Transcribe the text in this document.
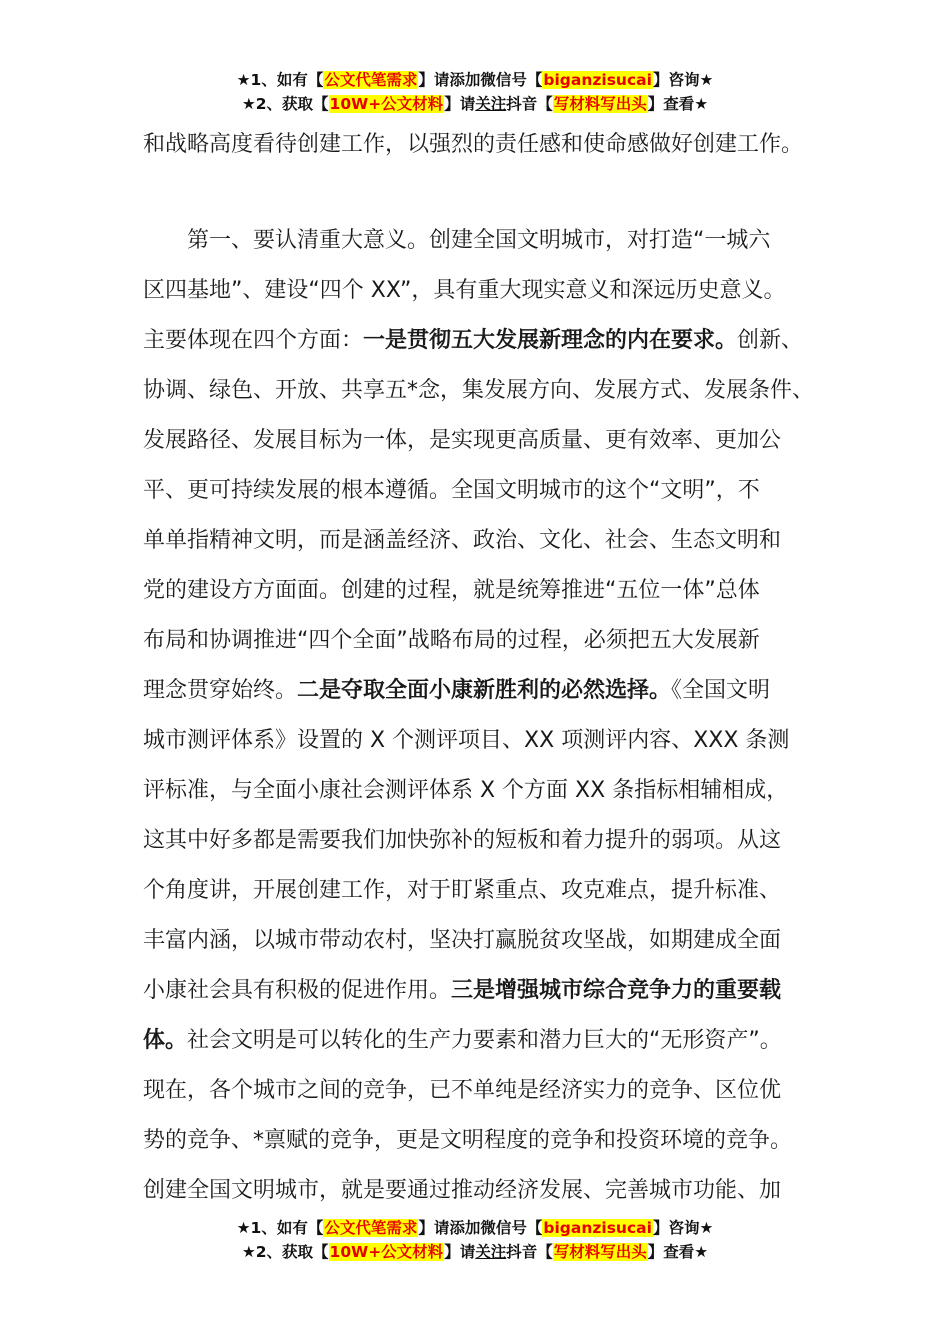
★1、如有【公文代笔需求】请添加微信号【biganzisucai】咨询★
★2、获取【10W+公文材料】请关注抖音【写材料写出头】查看★
和战略高度看待创建工作，以强烈的责任感和使命感做好创建工作。
第一、要认清重大意义。创建全国文明城市，对打造“一城六
区四基地”、建设“四个 XX”，具有重大现实意义和深远历史意义。
主要体现在四个方面：一是贯彻五大发展新理念的内在要求。创新、
协调、绿色、开放、共享五*念，集发展方向、发展方式、发展条件、
发展路径、发展目标为一体，是实现更高质量、更有效率、更加公
平、更可持续发展的根本遵循。全国文明城市的这个“文明”，不
单单指精神文明，而是涵盖经济、政治、文化、社会、生态文明和
党的建设方方面面。创建的过程，就是统筹推进“五位一体”总体
布局和协调推进“四个全面”战略布局的过程，必须把五大发展新
理念贯穿始终。二是夺取全面小康新胜利的必然选择。《全国文明
城市测评体系》设置的 X 个测评项目、XX 项测评内容、XXX 条测
评标准，与全面小康社会测评体系 X 个方面 XX 条指标相辅相成，
这其中好多都是需要我们加快弥补的短板和着力提升的弱项。从这
个角度讲，开展创建工作，对于盯紧重点、攻克难点，提升标准、
丰富内涵，以城市带动农村，坚决打赢脱贫攻坚战，如期建成全面
小康社会具有积极的促进作用。三是增强城市综合竞争力的重要载
体。社会文明是可以转化的生产力要素和潜力巨大的“无形资产”。
现在，各个城市之间的竞争，已不单纯是经济实力的竞争、区位优
势的竞争、*禀赋的竞争，更是文明程度的竞争和投资环境的竞争。
创建全国文明城市，就是要通过推动经济发展、完善城市功能、加
★1、如有【公文代笔需求】请添加微信号【biganzisucai】咨询★
★2、获取【10W+公文材料】请关注抖音【写材料写出头】查看★
